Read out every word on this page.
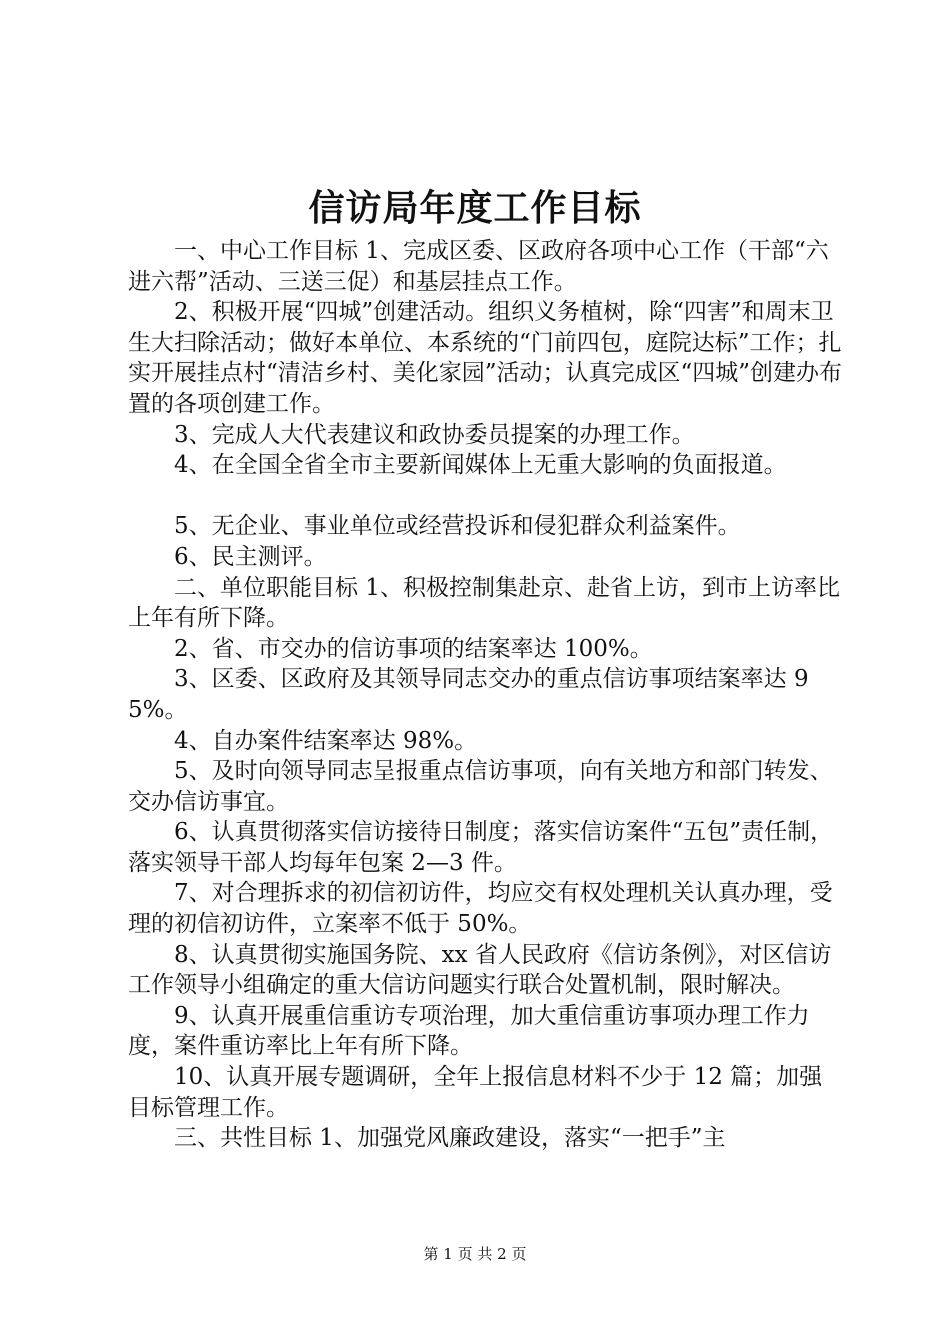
信访局年度工作目标

一、中心工作目标 1、完成区委、区政府各项中心工作（干部“六进六帮”活动、三送三促）和基层挂点工作。

2、积极开展“四城”创建活动。组织义务植树，除“四害”和周末卫生大扫除活动；做好本单位、本系统的“门前四包，庭院达标”工作；扎实开展挂点村“清洁乡村、美化家园”活动；认真完成区“四城”创建办布置的各项创建工作。

3、完成人大代表建议和政协委员提案的办理工作。

4、在全国全省全市主要新闻媒体上无重大影响的负面报道。

5、无企业、事业单位或经营投诉和侵犯群众利益案件。

6、民主测评。

二、单位职能目标 1、积极控制集赴京、赴省上访，到市上访率比上年有所下降。

2、省、市交办的信访事项的结案率达 100%。

3、区委、区政府及其领导同志交办的重点信访事项结案率达 95%。

4、自办案件结案率达 98%。

5、及时向领导同志呈报重点信访事项，向有关地方和部门转发、交办信访事宜。

6、认真贯彻落实信访接待日制度；落实信访案件“五包”责任制，落实领导干部人均每年包案 2—3 件。

7、对合理拆求的初信初访件，均应交有权处理机关认真办理，受理的初信初访件，立案率不低于 50%。

8、认真贯彻实施国务院、xx 省人民政府《信访条例》，对区信访工作领导小组确定的重大信访问题实行联合处置机制，限时解决。

9、认真开展重信重访专项治理，加大重信重访事项办理工作力度，案件重访率比上年有所下降。

10、认真开展专题调研，全年上报信息材料不少于 12 篇；加强目标管理工作。

三、共性目标 1、加强党风廉政建设，落实“一把手”主

第 1 页 共 2 页
